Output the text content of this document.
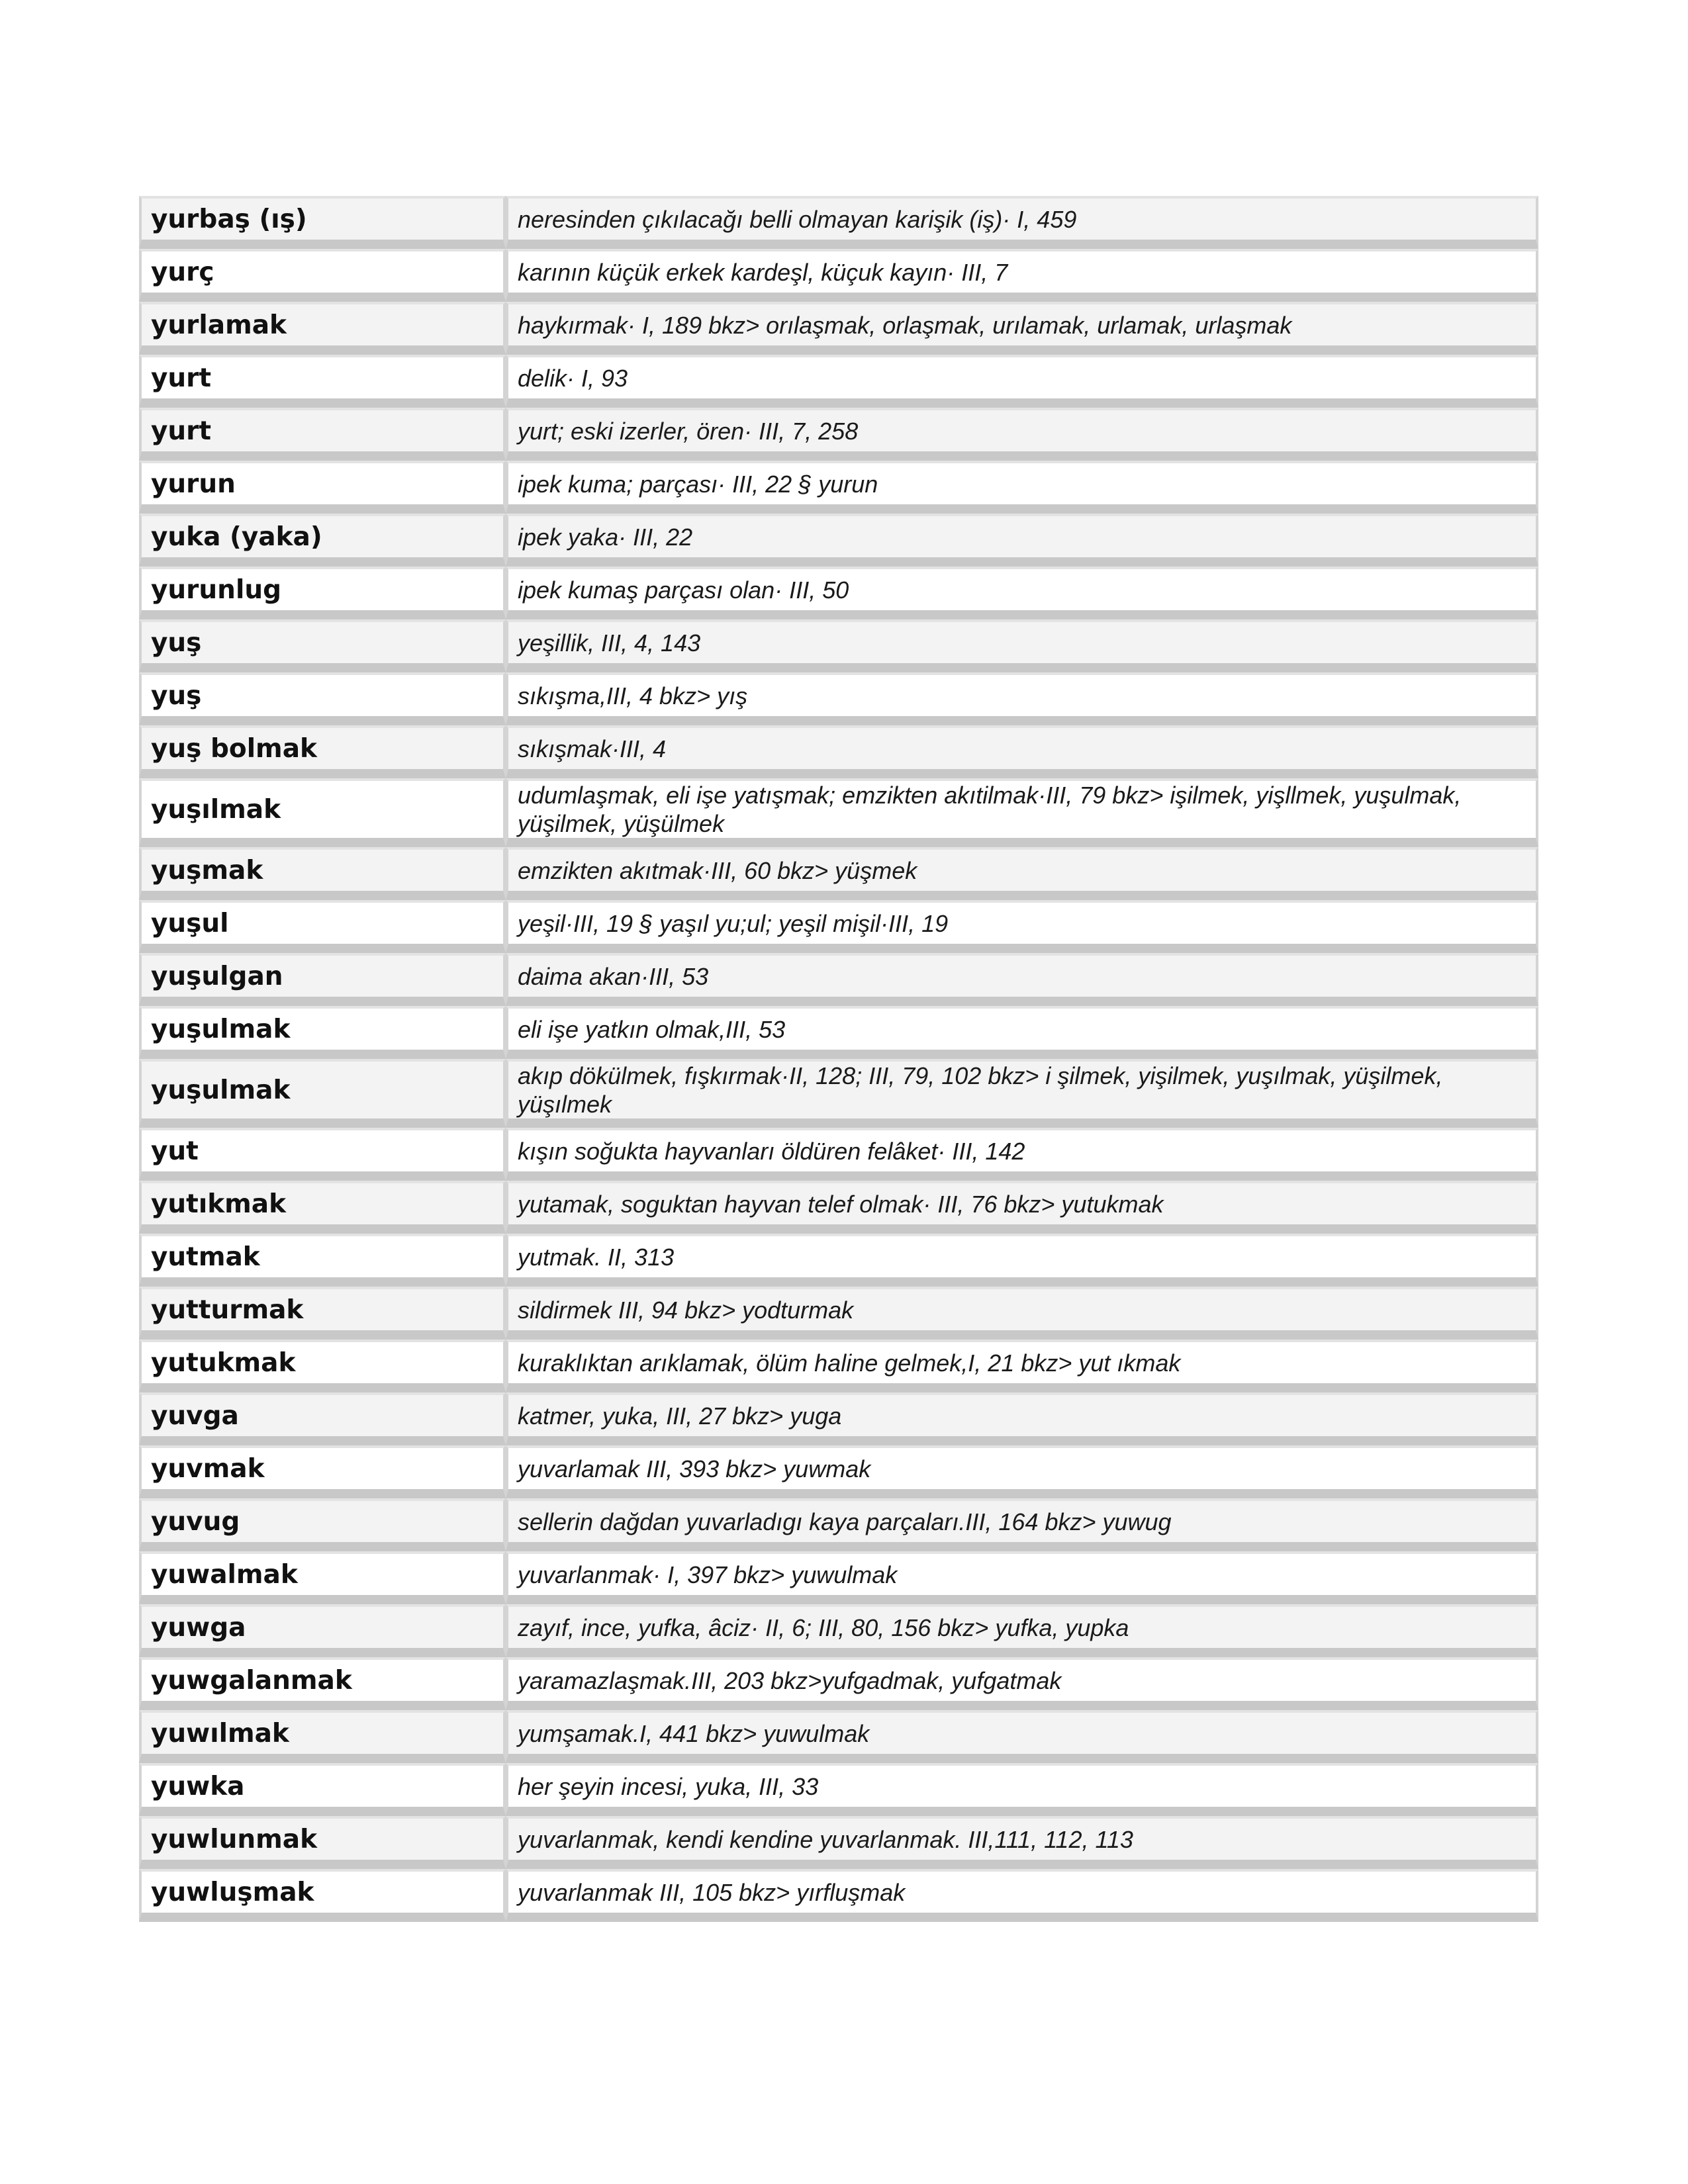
yurbaş (ış)	neresinden çıkılacağı belli olmayan karişik (iş)· I, 459
yurç	karının küçük erkek kardeşl, küçuk kayın· III, 7
yurlamak	haykırmak· I, 189 bkz> orılaşmak, orlaşmak, urılamak, urlamak, urlaşmak
yurt	delik· I, 93
yurt	yurt; eski izerler, ören· III, 7, 258
yurun	ipek kuma; parçası· III, 22 § yurun
yuka (yaka)	ipek yaka· III, 22
yurunlug	ipek kumaş parçası olan· III, 50
yuş	yeşillik, III, 4, 143
yuş	sıkışma,III, 4 bkz> yış
yuş bolmak	sıkışmak·III, 4
yuşılmak	udumlaşmak, eli işe yatışmak; emzikten akıtilmak·III, 79 bkz> işilmek, yişllmek, yuşulmak, yüşilmek, yüşülmek
yuşmak	emzikten akıtmak·III, 60 bkz> yüşmek
yuşul	yeşil·III, 19 § yaşıl yu;ul; yeşil mişil·III, 19
yuşulgan	daima akan·III, 53
yuşulmak	eli işe yatkın olmak,III, 53
yuşulmak	akıp dökülmek, fışkırmak·II, 128; III, 79, 102 bkz> i şilmek, yişilmek, yuşılmak, yüşilmek, yüşılmek
yut	kışın soğukta hayvanları öldüren felâket· III, 142
yutıkmak	yutamak, soguktan hayvan telef olmak· III, 76 bkz> yutukmak
yutmak	yutmak. II, 313
yutturmak	sildirmek III, 94 bkz> yodturmak
yutukmak	kuraklıktan arıklamak, ölüm haline gelmek,I, 21 bkz> yut ıkmak
yuvga	katmer, yuka, III, 27 bkz> yuga
yuvmak	yuvarlamak III, 393 bkz> yuwmak
yuvug	sellerin dağdan yuvarladıgı kaya parçaları.III, 164 bkz> yuwug
yuwalmak	yuvarlanmak· I, 397 bkz> yuwulmak
yuwga	zayıf, ince, yufka, âciz· II, 6; III, 80, 156 bkz> yufka, yupka
yuwgalanmak	yaramazlaşmak.III, 203 bkz>yufgadmak, yufgatmak
yuwılmak	yumşamak.I, 441 bkz> yuwulmak
yuwka	her şeyin incesi, yuka, III, 33
yuwlunmak	yuvarlanmak, kendi kendine yuvarlanmak. III,111, 112, 113
yuwluşmak	yuvarlanmak III, 105 bkz> yırfluşmak
